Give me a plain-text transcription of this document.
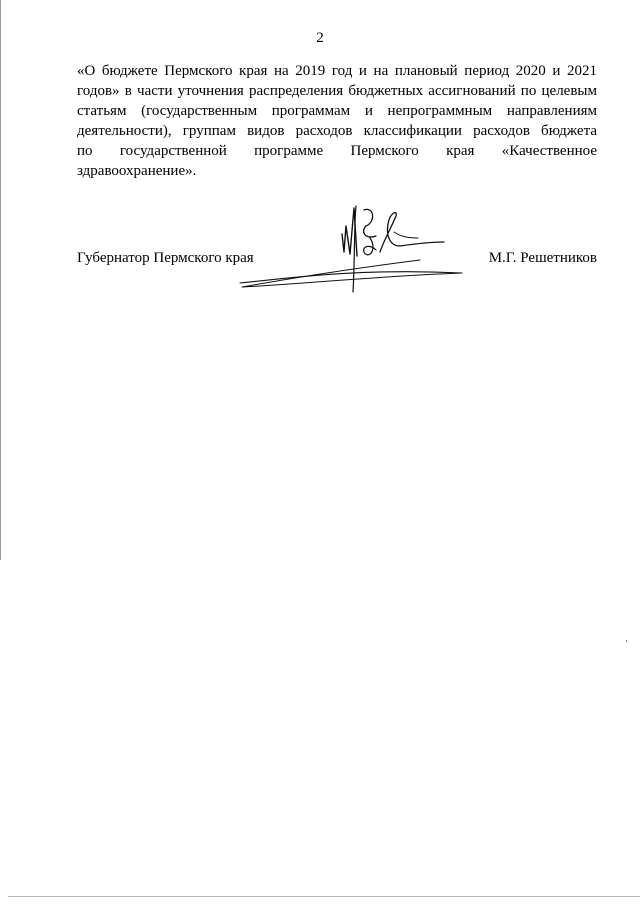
2
«О бюджете Пермского края на 2019 год и на плановый период 2020 и 2021
годов» в части уточнения распределения бюджетных ассигнований по целевым
статьям (государственным программам и непрограммным направлениям
деятельности), группам видов расходов классификации расходов бюджета
по государственной программе Пермского края «Качественное
здравоохранение».
Губернатор Пермского края	М.Г. Решетников
